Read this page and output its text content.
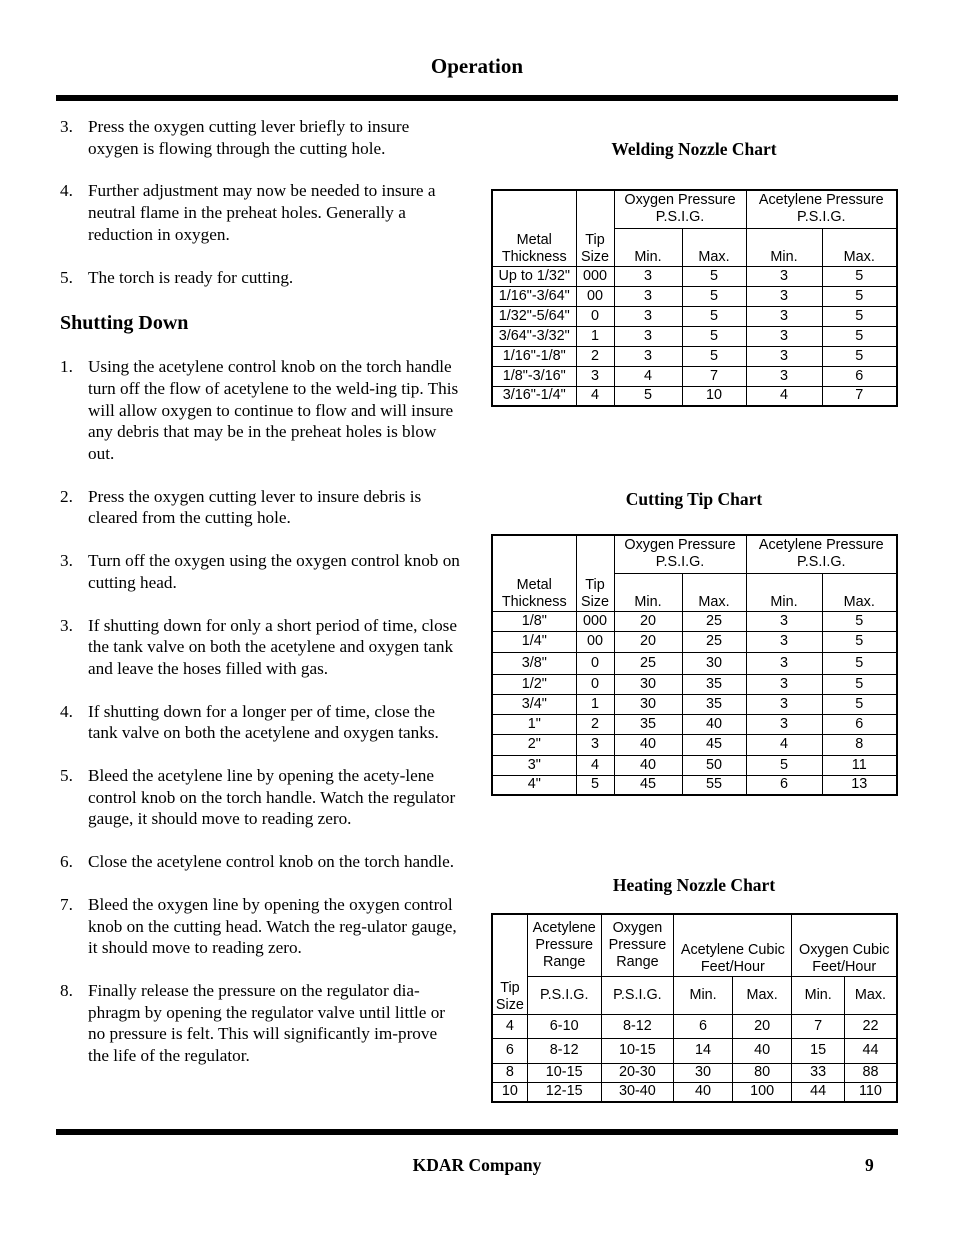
Operation
3. Press the oxygen cutting lever briefly to insure oxygen is flowing through the cutting hole.
4. Further adjustment may now be needed to insure a neutral flame in the preheat holes. Generally a reduction in oxygen.
5. The torch is ready for cutting.
Shutting Down
1. Using the acetylene control knob on the torch handle turn off the flow of acetylene to the weld-ing tip. This will allow oxygen to continue to flow and will insure any debris that may be in the preheat holes is blow out.
2. Press the oxygen cutting lever to insure debris is cleared from the cutting hole.
3. Turn off the oxygen using the oxygen control knob on cutting head.
3. If shutting down for only a short period of time, close the tank valve on both the acetylene and oxygen tank and leave the hoses filled with gas.
4. If shutting down for a longer per of time, close the tank valve on both the acetylene and oxygen tanks.
5. Bleed the acetylene line by opening the acety-lene control knob on the torch handle. Watch the regulator gauge, it should move to reading zero.
6. Close the acetylene control knob on the torch handle.
7. Bleed the oxygen line by opening the oxygen control knob on the cutting head. Watch the reg-ulator gauge, it should move to reading zero.
8. Finally release the pressure on the regulator dia-phragm by opening the regulator valve until little or no pressure is felt. This will significantly im-prove the life of the regulator.
Welding Nozzle Chart
Metal Thickness	Tip Size	Oxygen Pressure P.S.I.G.		Acetylene Pressure P.S.I.G.	
		Min.	Max.	Min.	Max.
Up to 1/32"	000	3	5	3	5
1/16"-3/64"	00	3	5	3	5
1/32"-5/64"	0	3	5	3	5
3/64"-3/32"	1	3	5	3	5
1/16"-1/8"	2	3	5	3	5
1/8"-3/16"	3	4	7	3	6
3/16"-1/4"	4	5	10	4	7
Cutting Tip Chart
Metal Thickness	Tip Size	Oxygen Pressure P.S.I.G.		Acetylene Pressure P.S.I.G.	
		Min.	Max.	Min.	Max.
1/8"	000	20	25	3	5
1/4"	00	20	25	3	5
3/8"	0	25	30	3	5
1/2"	0	30	35	3	5
3/4"	1	30	35	3	5
1"	2	35	40	3	6
2"	3	40	45	4	8
3"	4	40	50	5	11
4"	5	45	55	6	13
Heating Nozzle Chart
Tip Size	Acetylene Pressure Range	Oxygen Pressure Range	Acetylene Cubic Feet/Hour		Oxygen Cubic Feet/Hour	
	P.S.I.G.	P.S.I.G.	Min.	Max.	Min.	Max.
4	6-10	8-12	6	20	7	22
6	8-12	10-15	14	40	15	44
8	10-15	20-30	30	80	33	88
10	12-15	30-40	40	100	44	110
KDAR Company	9
